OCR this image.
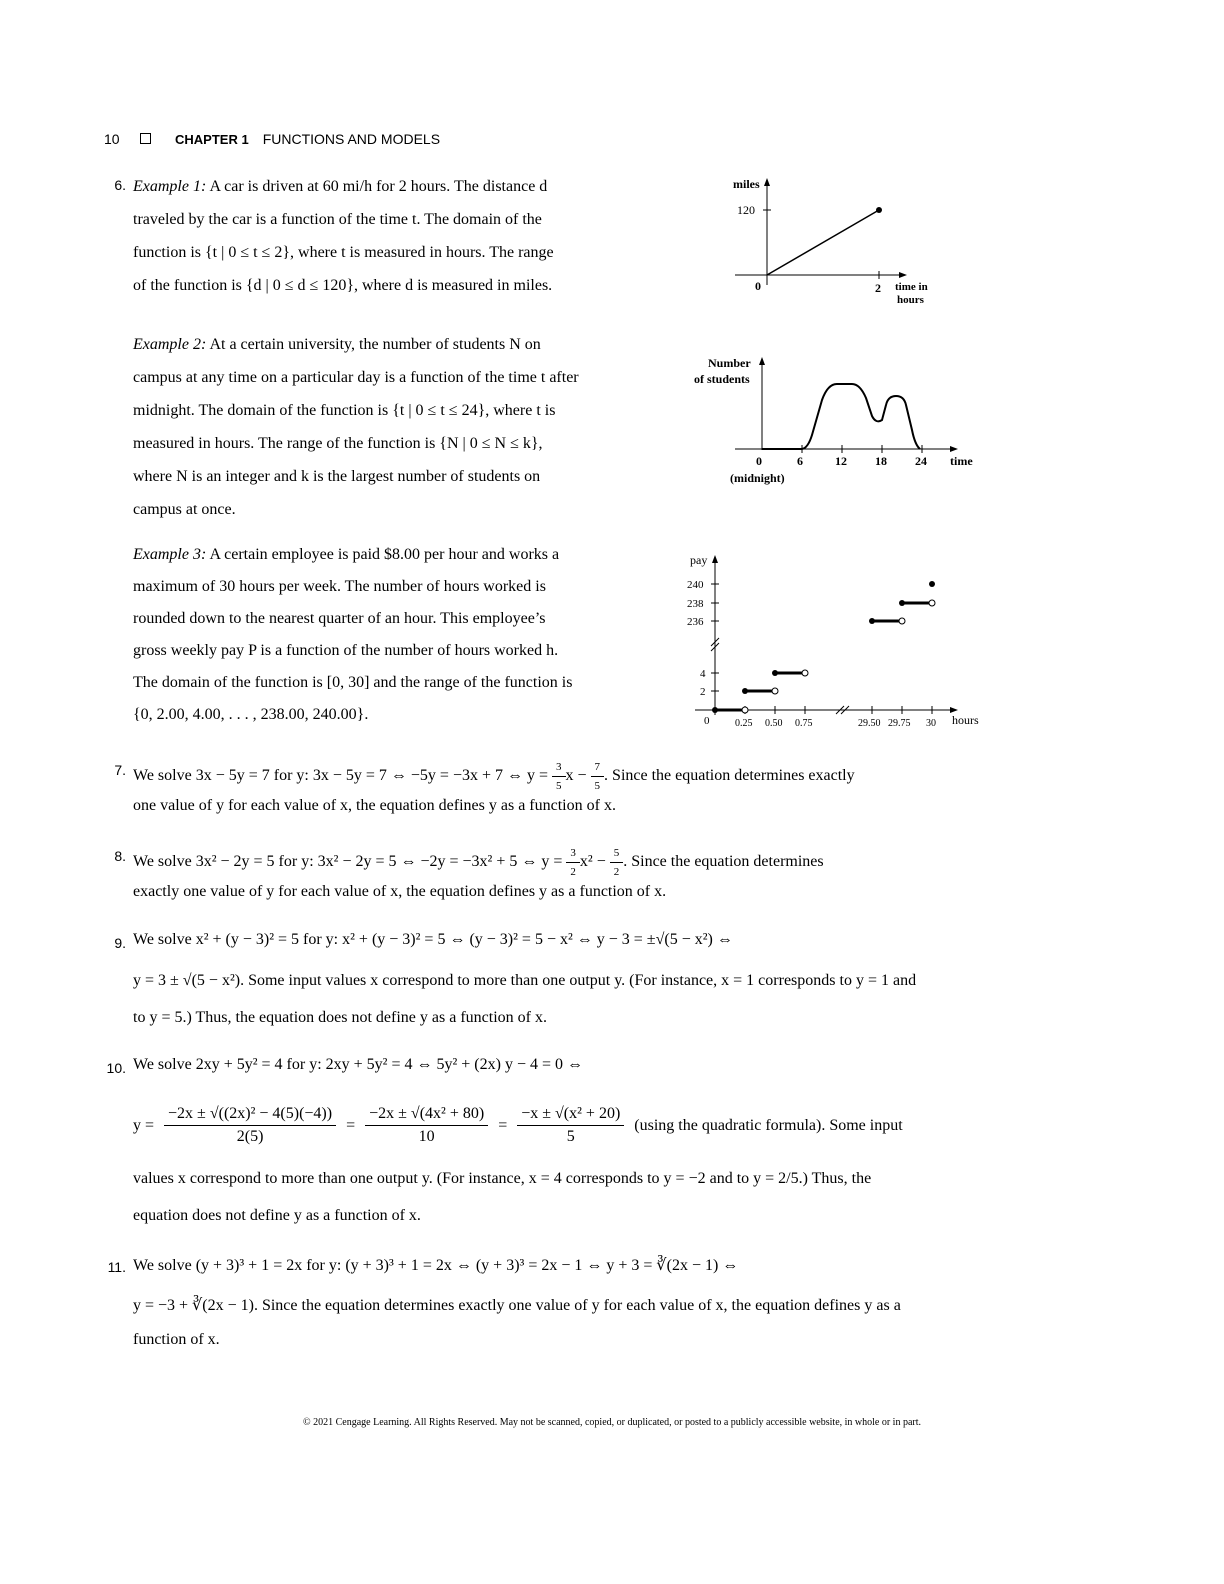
10	CHAPTER 1 FUNCTIONS AND MODELS
6. Example 1: A car is driven at 60 mi/h for 2 hours. The distance d
traveled by the car is a function of the time t. The domain of the
function is {t | 0 ≤ t ≤ 2}, where t is measured in hours. The range
of the function is {d | 0 ≤ d ≤ 120}, where d is measured in miles.
Example 2: At a certain university, the number of students N on
campus at any time on a particular day is a function of the time t after
midnight. The domain of the function is {t | 0 ≤ t ≤ 24}, where t is
measured in hours. The range of the function is {N | 0 ≤ N ≤ k},
where N is an integer and k is the largest number of students on
campus at once.
Example 3: A certain employee is paid $8.00 per hour and works a
maximum of 30 hours per week. The number of hours worked is
rounded down to the nearest quarter of an hour. This employee’s
gross weekly pay P is a function of the number of hours worked h.
The domain of the function is [0, 30] and the range of the function is
{0, 2.00, 4.00, . . . , 238.00, 240.00}.
miles
120
0	2 time in
hours
Number
of students
0	6	12 18 24 time
(midnight)
pay
240
238
236
4
2
0	0.25 0.50 0.75	29.50 29.75 30 hours
7. We solve 3x − 5y = 7 for y: 3x − 5y = 7 ⇔ −5y = −3x + 7 ⇔ $y = \frac{3}{5}$ $x - \frac{7}{5}$ . Since the equation determines exactly
one value of y for each value of x, the equation defines y as a function of x.
8. We solve 3x² − 2y = 5 for y: 3x² − 2y = 5 ⇔ −2y = −3x² + 5 ⇔ $y = \frac{3}{2} x^2 - \frac{5}{2}$ . Since the equation determines
exactly one value of y for each value of x, the equation defines y as a function of x.
9. We solve x² + (y − 3)² = 5 for y: x² + (y − 3)² = 5 ⇔ (y − 3)² = 5 − x² ⇔ y − 3 = ±√(5 − x²) ⇔
y = 3 ± √(5 − x²). Some input values x correspond to more than one output y. (For instance, x = 1 corresponds to y = 1 and
to y = 5.) Thus, the equation does not define y as a function of x.
10. We solve 2xy + 5y² = 4 for y: 2xy + 5y² = 4 ⇔ 5y² + (2x) y − 4 = 0 ⇔
$y = \frac{\text{−2x ± √((2x)² − 4(5)(−4))}}{2(5)} = \frac{\text{−2x ± √(4x² + 80)}}{10} = \frac{\text{−x ± √(x² + 20)}}{5} (using$ the quadratic formula). Some input
values x correspond to more than one output y. (For instance, x = 4 corresponds to y = −2 and to y = 2/5.) Thus, the
equation does not define y as a function of x.
11. We solve (y + 3)³ + 1 = 2x for y: (y + 3)³ + 1 = 2x ⇔ (y + 3)³ = 2x − 1 ⇔ y + 3 = ∛(2x − 1) ⇔
y = −3 + ∛(2x − 1). Since the equation determines exactly one value of y for each value of x, the equation defines y as a
function of x.
© 2021 Cengage Learning. All Rights Reserved. May not be scanned, copied, or duplicated, or posted to a publicly accessible website, in whole or in part.
